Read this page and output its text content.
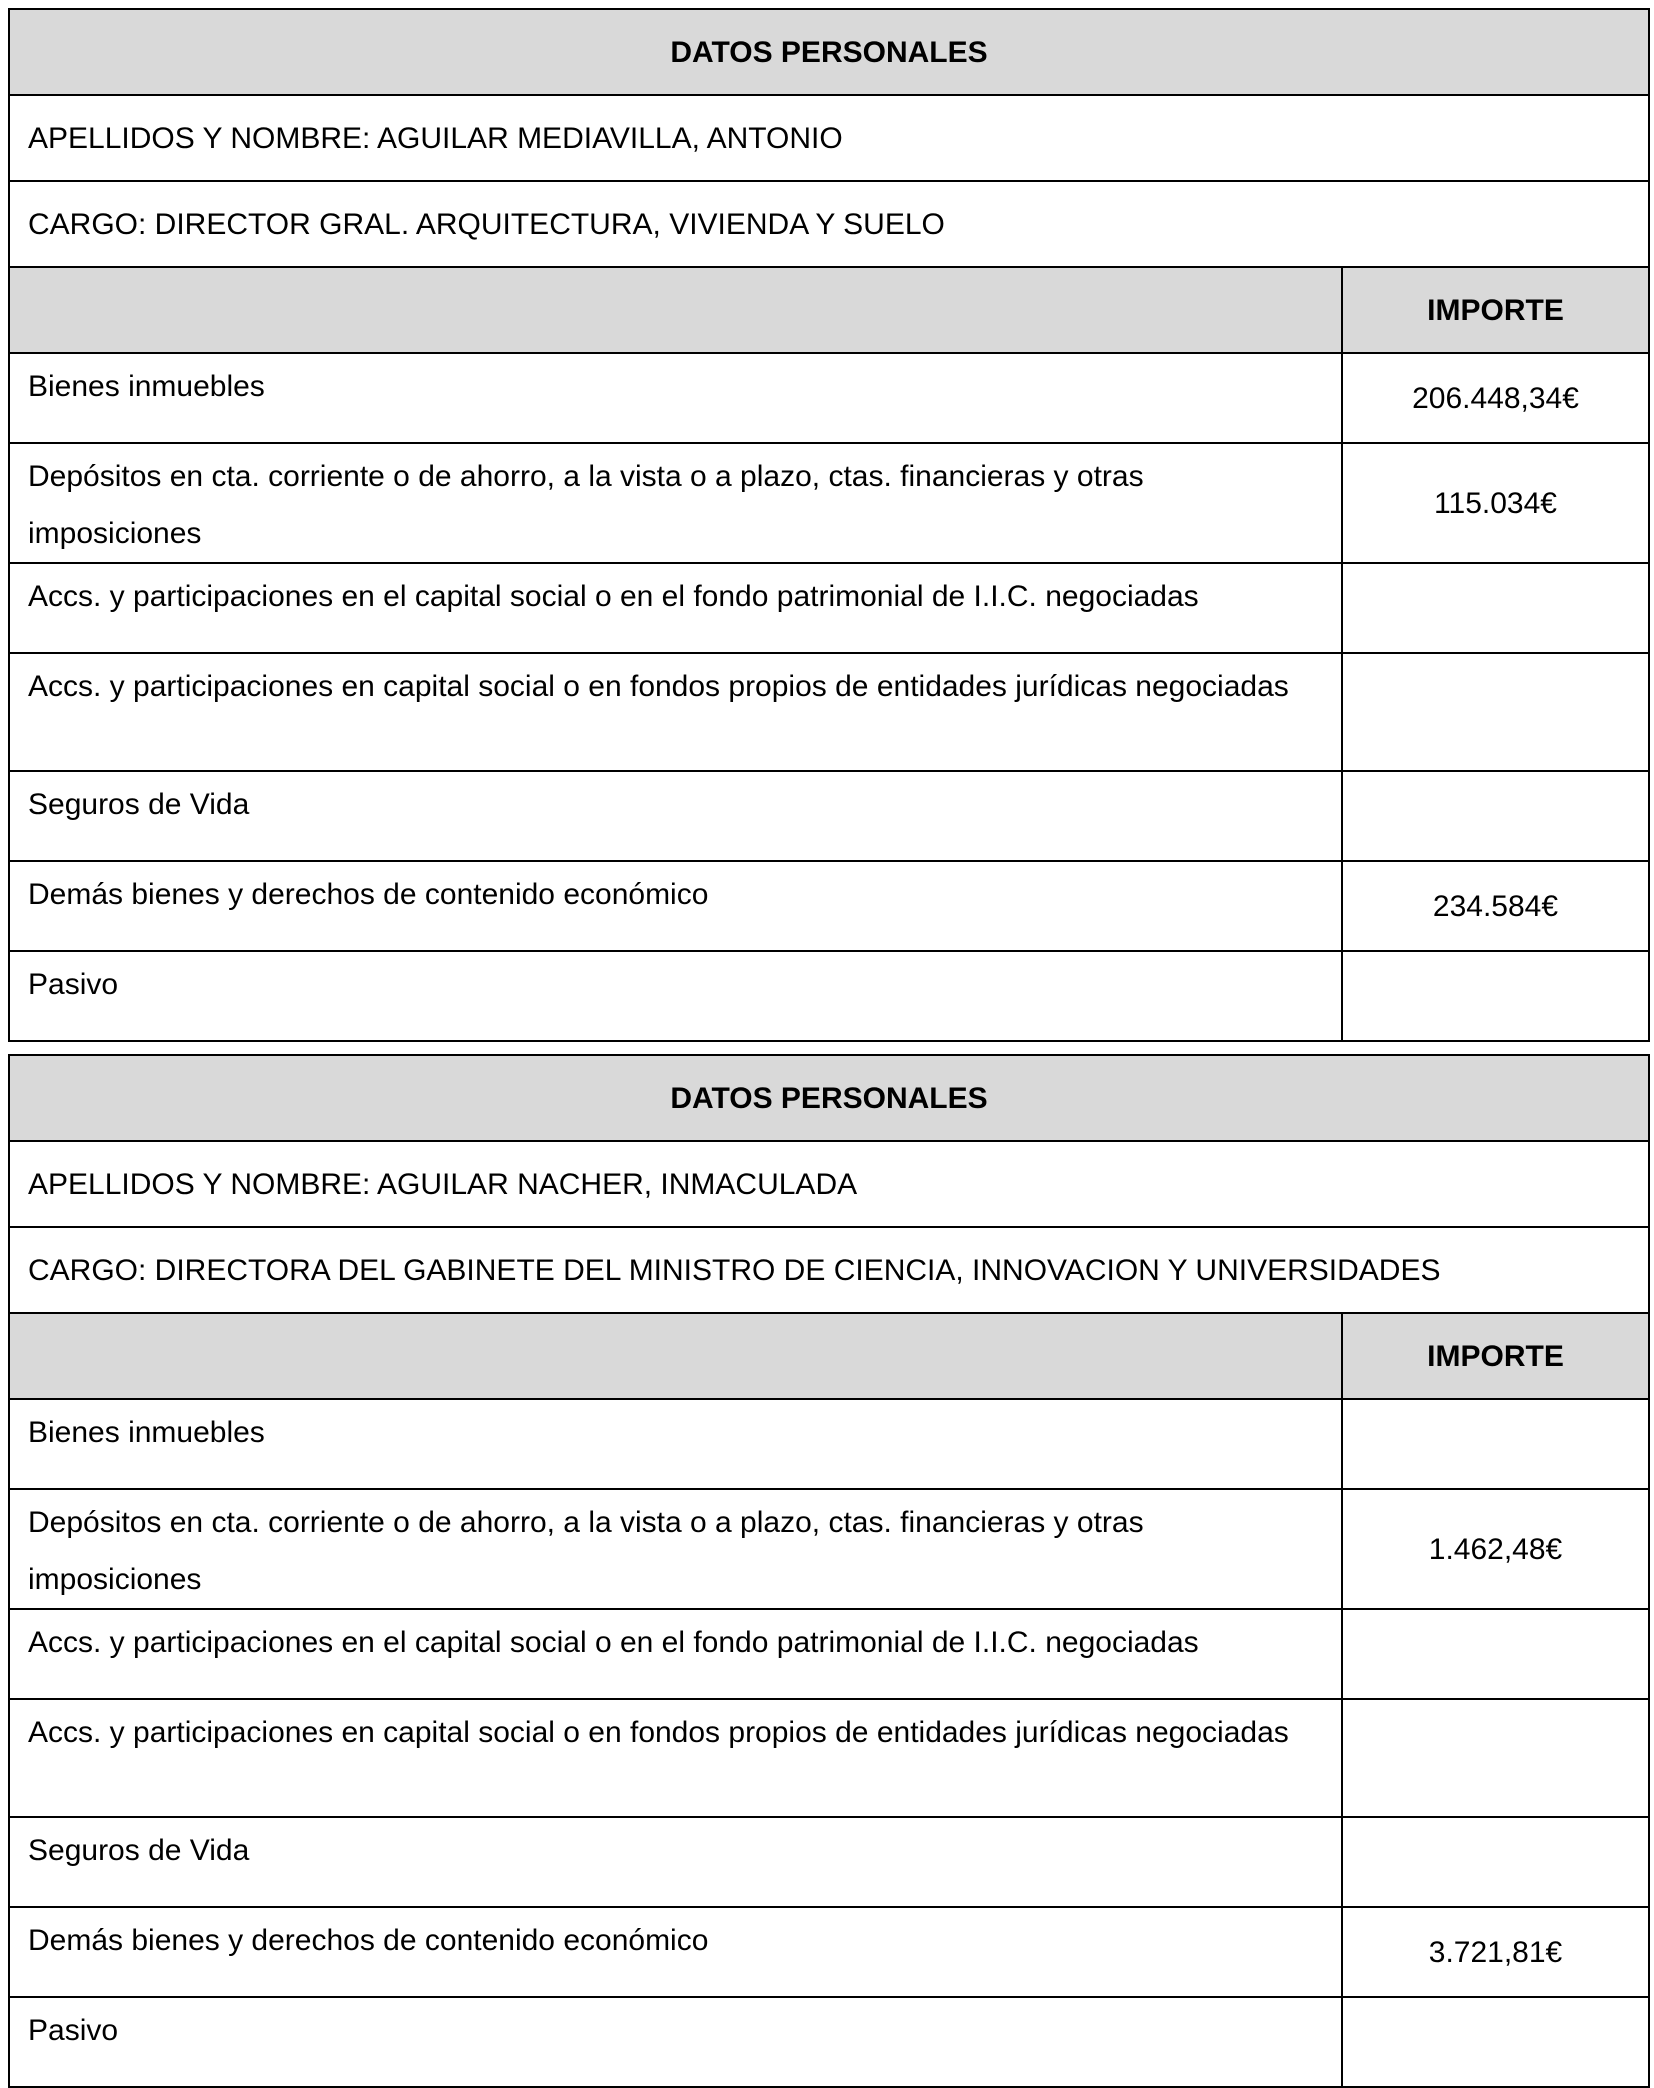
DATOS PERSONALES	
APELLIDOS Y NOMBRE: AGUILAR MEDIAVILLA, ANTONIO	
CARGO: DIRECTOR GRAL. ARQUITECTURA, VIVIENDA Y SUELO	
	IMPORTE
Bienes inmuebles	206.448,34€
Depósitos en cta. corriente o de ahorro, a la vista o a plazo, ctas. financieras y otras imposiciones	115.034€
Accs. y participaciones en el capital social o en el fondo patrimonial de I.I.C. negociadas	
Accs. y participaciones en capital social o en fondos propios de entidades jurídicas negociadas	
Seguros de Vida	
Demás bienes y derechos de contenido económico	234.584€
Pasivo	
DATOS PERSONALES	
APELLIDOS Y NOMBRE: AGUILAR NACHER, INMACULADA	
CARGO: DIRECTORA DEL GABINETE DEL MINISTRO DE CIENCIA, INNOVACION Y UNIVERSIDADES	
	IMPORTE
Bienes inmuebles	
Depósitos en cta. corriente o de ahorro, a la vista o a plazo, ctas. financieras y otras imposiciones	1.462,48€
Accs. y participaciones en el capital social o en el fondo patrimonial de I.I.C. negociadas	
Accs. y participaciones en capital social o en fondos propios de entidades jurídicas negociadas	
Seguros de Vida	
Demás bienes y derechos de contenido económico	3.721,81€
Pasivo	
